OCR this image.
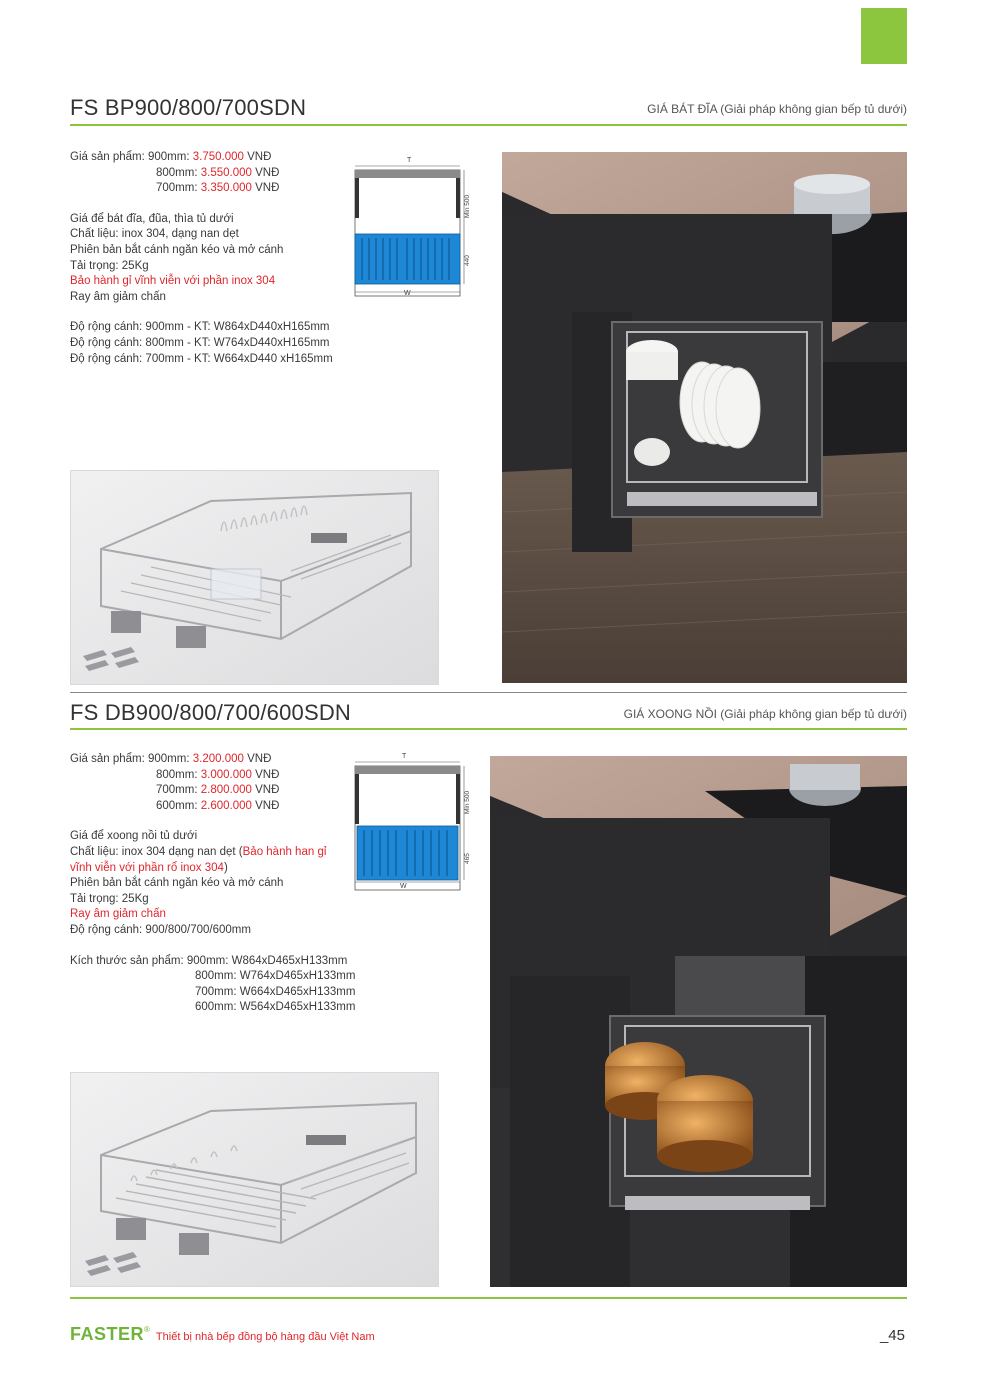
FS BP900/800/700SDN	GIÁ BÁT ĐĨA (Giải pháp không gian bếp tủ dưới)
Giá sản phẩm: 900mm: 3.750.000 VNĐ
800mm: 3.550.000 VNĐ
700mm: 3.350.000 VNĐ
Giá để bát đĩa, đũa, thìa tủ dưới
Chất liệu: inox 304, dạng nan dẹt
Phiên bản bắt cánh ngăn kéo và mở cánh
Tải trọng: 25Kg
Bảo hành gỉ vĩnh viễn với phần inox 304
Ray âm giảm chấn
Độ rộng cánh: 900mm - KT: W864xD440xH165mm
Độ rộng cánh: 800mm - KT: W764xD440xH165mm
Độ rộng cánh: 700mm - KT: W664xD440 xH165mm
T
W
Min 500
440
FS DB900/800/700/600SDN	GIÁ XOONG NỒI (Giải pháp không gian bếp tủ dưới)
Giá sản phẩm: 900mm: 3.200.000 VNĐ
800mm: 3.000.000 VNĐ
700mm: 2.800.000 VNĐ
600mm: 2.600.000 VNĐ
Giá để xoong nồi tủ dưới
Chất liệu: inox 304 dạng nan dẹt (Bảo hành han gỉ
vĩnh viễn với phần rổ inox 304)
Phiên bản bắt cánh ngăn kéo và mở cánh
Tải trọng: 25Kg
Ray âm giảm chấn
Độ rộng cánh: 900/800/700/600mm
Kích thước sản phẩm: 900mm: W864xD465xH133mm
800mm: W764xD465xH133mm
700mm: W664xD465xH133mm
600mm: W564xD465xH133mm
T
W
Min 500
465
FASTER ®
Thiết bị nhà bếp đồng bộ hàng đầu Việt Nam	_45
